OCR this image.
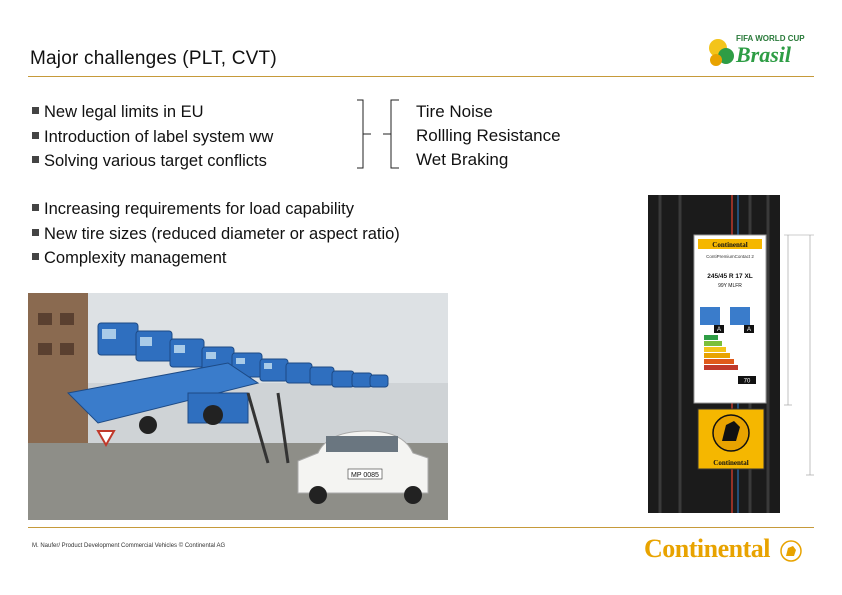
Major challenges (PLT, CVT)
FIFA WORLD CUP
Brasil
New legal limits in EU
Introduction of label system ww
Solving various target conflicts
Tire Noise
Rollling Resistance
Wet Braking
Increasing requirements for load capability
New tire sizes (reduced diameter or aspect ratio)
Complexity management
MP 0085
Continental
ContiPremiumContact 2
245/45 R 17 XL
99Y MLFR
A	A
70
Continental
M. Naufer/ Product Development Commercial Vehicles © Continental AG	Continental
